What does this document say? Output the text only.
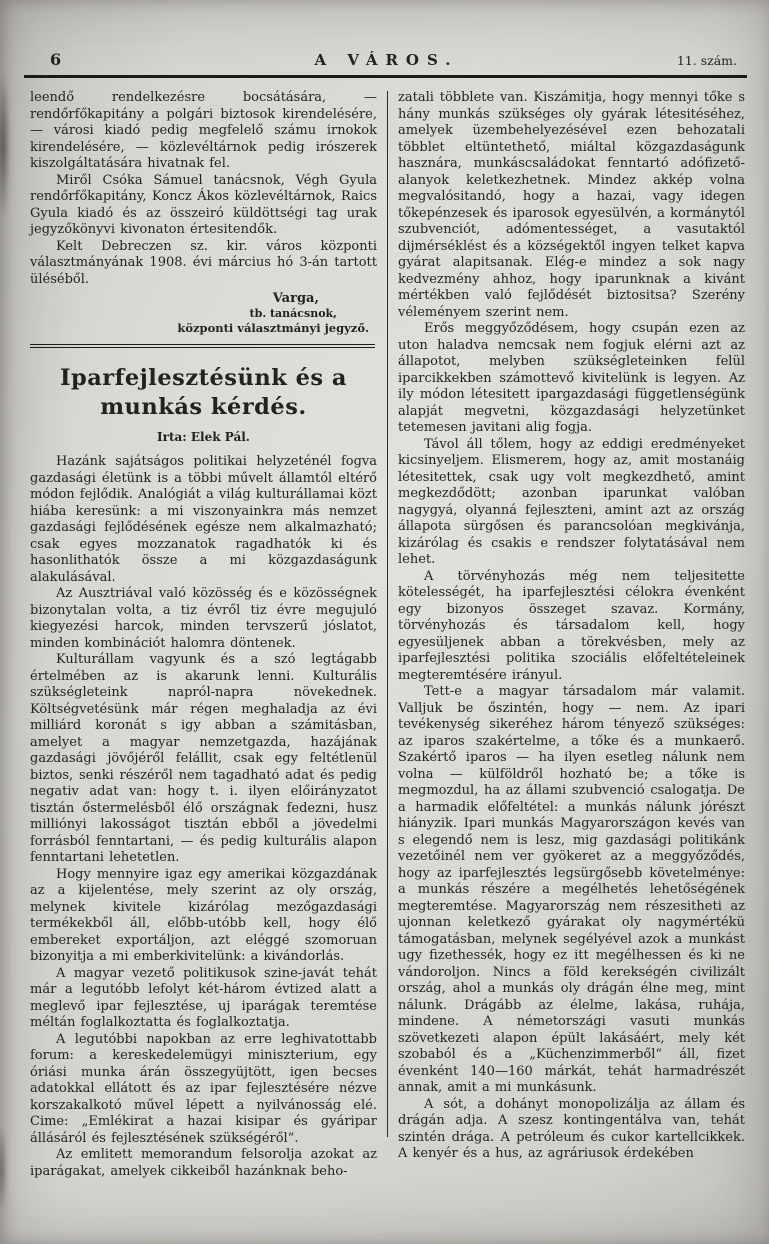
6	A VÁROS.	11. szám.

leendő rendelkezésre bocsátására, — rendőrfőkapitány a polgári biztosok kirendelésére, — városi kiadó pedig megfelelő számu irnokok kirendelésére, — közlevéltárnok pedig irószerek kiszolgáltatására hivatnak fel.

Miről Csóka Sámuel tanácsnok, Végh Gyula rendőrfőkapitány, Koncz Ákos közlevéltárnok, Raics Gyula kiadó és az összeiró küldöttségi tag urak jegyzőkönyvi kivonaton értesitendők.

Kelt Debreczen sz. kir. város központi választmányának 1908. évi március hó 3-án tartott üléséből.

Varga,
tb. tanácsnok,
központi választmányi jegyző.
Iparfejlesztésünk és a munkás kérdés.
Irta: Elek Pál.

Hazánk sajátságos politikai helyzeténél fogva gazdasági életünk is a többi művelt államtól eltérő módon fejlődik. Analógiát a világ kulturállamai közt hiába keresünk: a mi viszonyainkra más nemzet gazdasági fejlődésének egésze nem alkalmazható; csak egyes mozzanatok ragadhatók ki és hasonlithatók össze a mi közgazdaságunk alakulásával.

Az Ausztriával való közösség és e közösségnek bizonytalan volta, a tiz évről tiz évre megujuló kiegyezési harcok, minden tervszerű jóslatot, minden kombinációt halomra döntenek.

Kulturállam vagyunk és a szó legtágabb értelmében az is akarunk lenni. Kulturális szükségleteink napról-napra növekednek. Költségvetésünk már régen meghaladja az évi milliárd koronát s igy abban a számitásban, amelyet a magyar nemzetgazda, hazájának gazdasági jövőjéről felállit, csak egy feltétlenül biztos, senki részéről nem tagadható adat és pedig negativ adat van: hogy t. i. ilyen előirányzatot tisztán őstermelésből élő országnak fedezni, husz milliónyi lakosságot tisztán ebből a jövedelmi forrásból fenntartani, — és pedig kulturális alapon fenntartani lehetetlen.

Hogy mennyire igaz egy amerikai közgazdának az a kijelentése, mely szerint az oly ország, melynek kivitele kizárólag mezőgazdasági termékekből áll, előbb-utóbb kell, hogy élő embereket exportáljon, azt eléggé szomoruan bizonyitja a mi emberkivitelünk: a kivándorlás.

A magyar vezető politikusok szine-javát tehát már a legutóbb lefolyt két-három évtized alatt a meglevő ipar fejlesztése, uj iparágak teremtése méltán foglalkoztatta és foglalkoztatja.

A legutóbbi napokban az erre leghivatottabb forum: a kereskedelemügyi miniszterium, egy óriási munka árán összegyüjtött, igen becses adatokkal ellátott és az ipar fejlesztésére nézve korszakalkotó művel lépett a nyilvánosság elé. Cime: „Emlékirat a hazai kisipar és gyáripar állásáról és fejlesztésének szükségéről“.

Az emlitett memorandum felsorolja azokat az iparágakat, amelyek cikkeiből hazánknak beho-

zatali többlete van. Kiszámitja, hogy mennyi tőke s hány munkás szükséges oly gyárak létesitéséhez, amelyek üzembehelyezésével ezen behozatali többlet eltüntethető, miáltal közgazdaságunk hasznára, munkáscsaládokat fenntartó adófizető-alanyok keletkezhetnek. Mindez akkép volna megvalósitandó, hogy a hazai, vagy idegen tőkepénzesek és iparosok egyesülvén, a kormánytól szubvenciót, adómentességet, a vasutaktól dijmérséklést és a községektől ingyen telket kapva gyárat alapitsanak. Elég-e mindez a sok nagy kedvezmény ahhoz, hogy iparunknak a kivánt mértékben való fejlődését biztositsa? Szerény véleményem szerint nem.

Erős meggyőződésem, hogy csupán ezen az uton haladva nemcsak nem fogjuk elérni azt az állapotot, melyben szükségleteinken felül iparcikkekben számottevő kivitelünk is legyen. Az ily módon létesitett ipargazdasági függetlenségünk alapját megvetni, közgazdasági helyzetünket tetemesen javitani alig fogja.

Távol áll tőlem, hogy az eddigi eredményeket kicsinyeljem. Elismerem, hogy az, amit mostanáig létesitettek, csak ugy volt megkezdhető, amint megkezdődött; azonban iparunkat valóban nagygyá, olyanná fejleszteni, amint azt az ország állapota sürgősen és parancsolóan megkivánja, kizárólag és csakis e rendszer folytatásával nem lehet.

A törvényhozás még nem teljesitette kötelességét, ha iparfejlesztési célokra évenként egy bizonyos összeget szavaz. Kormány, törvényhozás és társadalom kell, hogy egyesüljenek abban a törekvésben, mely az iparfejlesztési politika szociális előfeltételeinek megteremtésére irányul.

Tett-e a magyar társadalom már valamit. Valljuk be őszintén, hogy — nem. Az ipari tevékenység sikeréhez három tényező szükséges: az iparos szakértelme, a tőke és a munkaerő. Szakértő iparos — ha ilyen esetleg nálunk nem volna — külföldről hozható be; a tőke is megmozdul, ha az állami szubvenció csalogatja. De a harmadik előfeltétel: a munkás nálunk jórészt hiányzik. Ipari munkás Magyarországon kevés van s elegendő nem is lesz, mig gazdasági politikánk vezetőinél nem ver gyökeret az a meggyőződés, hogy az iparfejlesztés legsürgősebb követelménye: a munkás részére a megélhetés lehetőségének megteremtése. Magyarország nem részesitheti az ujonnan keletkező gyárakat oly nagymértékü támogatásban, melynek segélyével azok a munkást ugy fizethessék, hogy ez itt megélhessen és ki ne vándoroljon. Nincs a föld kerekségén civilizált ország, ahol a munkás oly drágán élne meg, mint nálunk. Drágább az élelme, lakása, ruhája, mindene. A németországi vasuti munkás szövetkezeti alapon épült lakásáért, mely két szobaból és a „Küchenzimmerből“ áll, fizet évenként 140—160 márkát, tehát harmadrészét annak, amit a mi munkásunk.

A sót, a dohányt monopolizálja az állam és drágán adja. A szesz kontingentálva van, tehát szintén drága. A petróleum és cukor kartellcikkek. A kenyér és a hus, az agráriusok érdekében
